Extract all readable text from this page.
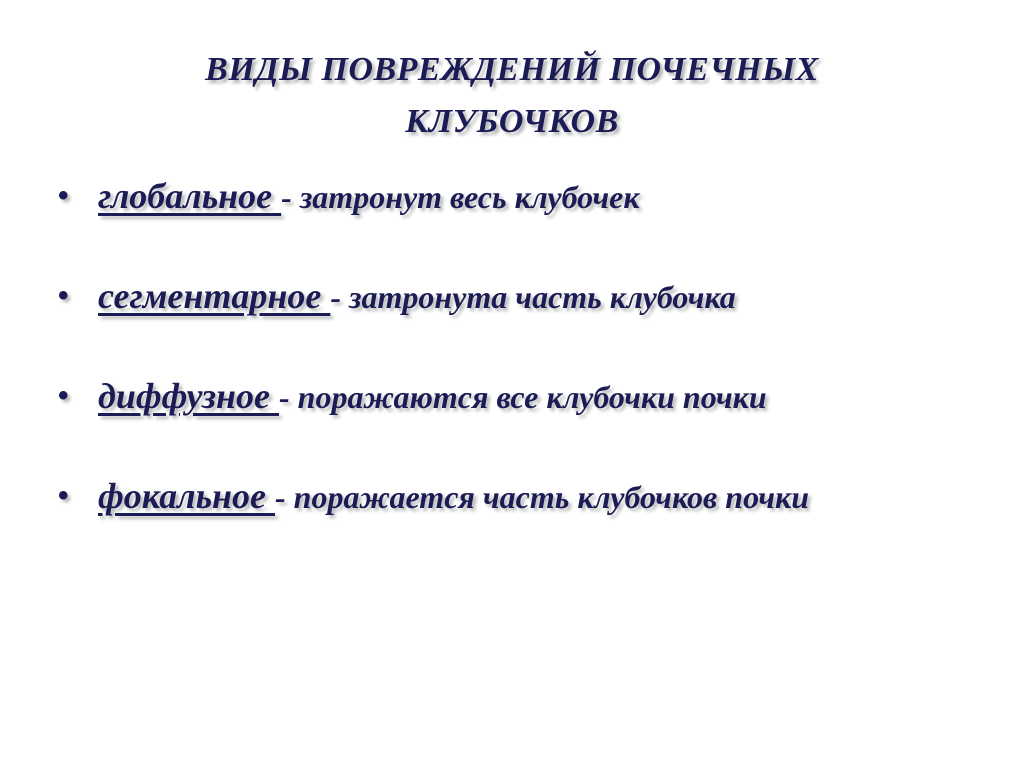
ВИДЫ ПОВРЕЖДЕНИЙ ПОЧЕЧНЫХ
КЛУБОЧКОВ
• глобальное - затронут весь клубочек
• сегментарное - затронута часть клубочка
• диффузное - поражаются все клубочки почки
• фокальное - поражается часть клубочков почки
